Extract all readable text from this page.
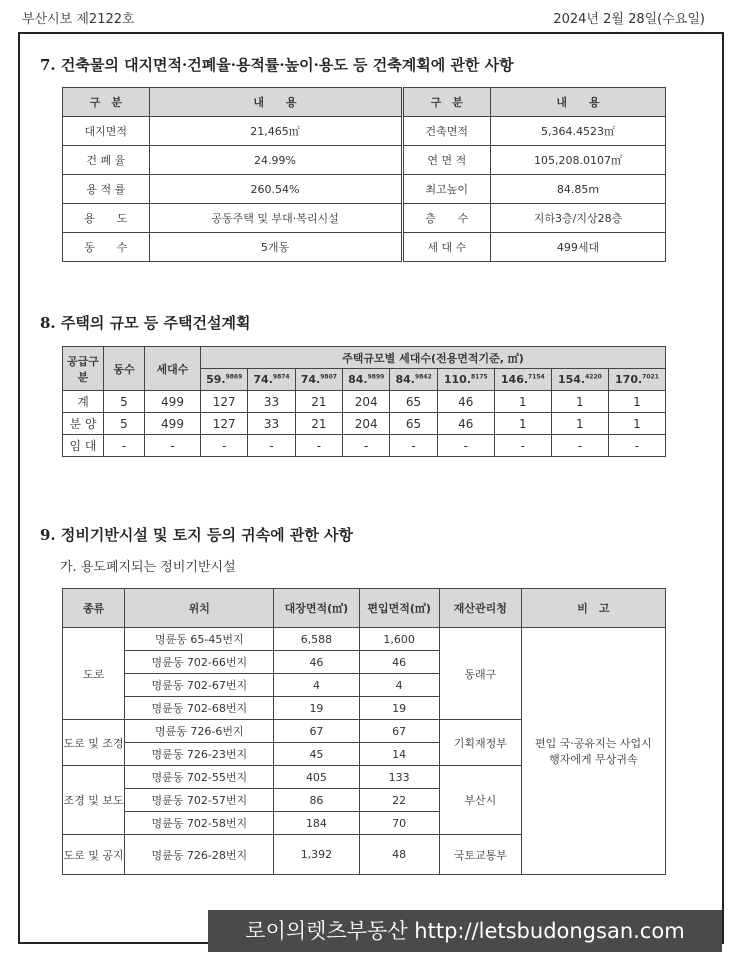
부산시보 제2122호	2024년 2월 28일(수요일)
7. 건축물의 대지면적·건폐율·용적률·높이·용도 등 건축계획에 관한 사항
구　분	내　　용	구　분	내　　용
대지면적	21,465㎡	건축면적	5,364.4523㎡
건 폐 율	24.99%	연 면 적	105,208.0107㎡
용 적 률	260.54%	최고높이	84.85m
용　　도	공동주택 및 부대·복리시설	층　　수	지하3층/지상28층
동　　수	5개동	세 대 수	499세대
8. 주택의 규모 등 주택건설계획
공급구분	동수	세대수	주택규모별 세대수(전용면적기준, ㎡)								
			59.$^{9869}$	74.$^{9874}$	74.$^{9807}$	84.$^{9899}$	84.$^{9842}$	110.$^{8175}$	146.$^{7154}$	154.$^{4220}$	170.$^{7021}$
계	5	499	127	33	21	204	65	46	1	1	1
분 양	5	499	127	33	21	204	65	46	1	1	1
임 대	-	-	-	-	-	-	-	-	-	-	-
9. 정비기반시설 및 토지 등의 귀속에 관한 사항
가. 용도폐지되는 정비기반시설
종류	위치	대장면적(㎡)	편입면적(㎡)	재산관리청	비　고
도로	명륜동 65-45번지	6,588	1,600	동래구	편입 국·공유지는 사업시행자에게 무상귀속
	명륜동 702-66번지	46	46		
	명륜동 702-67번지	4	4		
	명륜동 702-68번지	19	19		
도로 및 조경	명륜동 726-6번지	67	67	기획재정부	
	명륜동 726-23번지	45	14		
조경 및 보도	명륜동 702-55번지	405	133	부산시	
	명륜동 702-57번지	86	22		
	명륜동 702-58번지	184	70		
도로 및 공지	명륜동 726-28번지	1,392	48	국토교통부	
로이의렛츠부동산 http://letsbudongsan.com
